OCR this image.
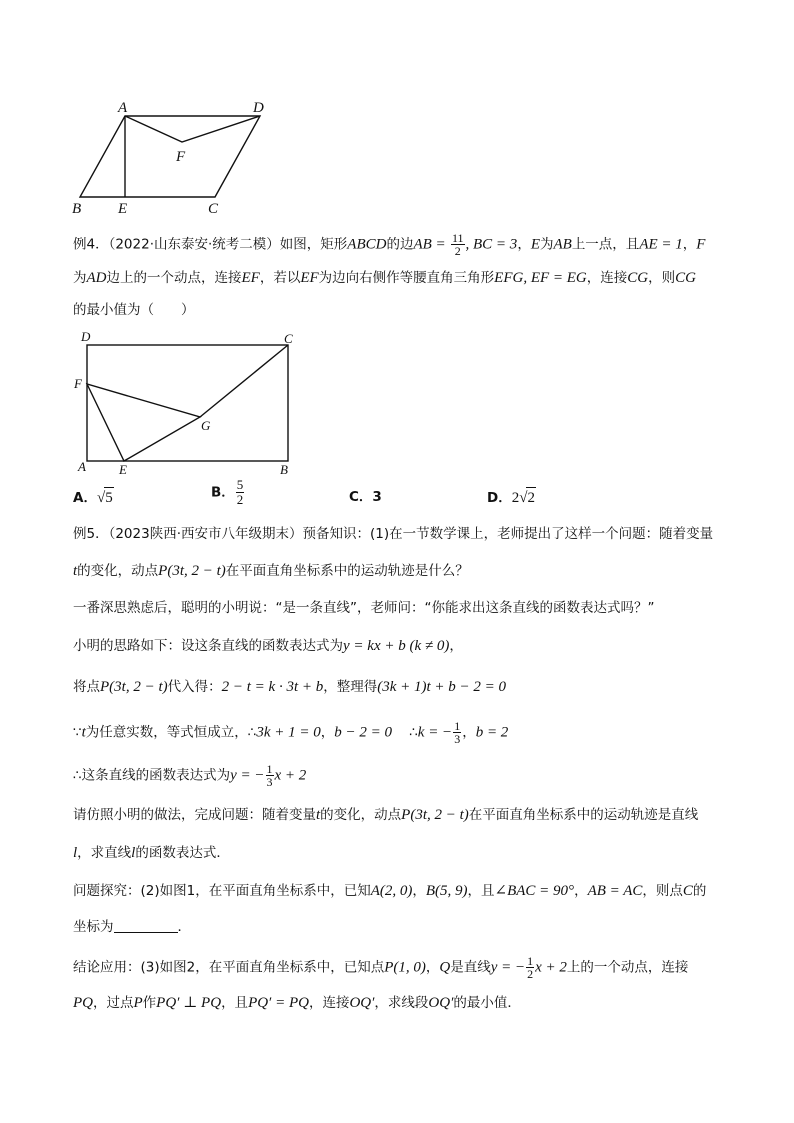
A	D
F
B E	C
例4．（2022·山东泰安·统考二模）如图，矩形ABCD的边AB = $\frac{11}{2}$ , BC = 3，E为AB上一点，且AE = 1，F
为AD边上的一个动点，连接EF，若以EF为边向右侧作等腰直角三角形EFG, EF = EG，连接CG，则CG
的最小值为（　　）
D	C
F
G
A	E	B
A．√5	B． $\frac{5}{2}$	C．3	D．2√2
例5．（2023陕西·西安市八年级期末）预备知识：(1)在一节数学课上，老师提出了这样一个问题：随着变量
t的变化，动点P(3t, 2 − t)在平面直角坐标系中的运动轨迹是什么？
一番深思熟虑后，聪明的小明说：“是一条直线”，老师问：“你能求出这条直线的函数表达式吗？”
小明的思路如下：设这条直线的函数表达式为y = kx + b (k ≠ 0)，
将点P(3t, 2 − t)代入得：2 − t = k · 3t + b，整理得(3k + 1)t + b − 2 = 0
∵t为任意实数，等式恒成立，∴3k + 1 = 0，b − 2 = 0 ∴k = − $\frac{1}{3}$ ，b = 2
∴这条直线的函数表达式为y = − $\frac{1}{3}$ x + 2
请仿照小明的做法，完成问题：随着变量t的变化，动点P(3t, 2 − t)在平面直角坐标系中的运动轨迹是直线
l，求直线l的函数表达式．
问题探究：(2)如图1，在平面直角坐标系中，已知A(2, 0)，B(5, 9)，且∠BAC = 90°，AB = AC，则点C的
坐标为	．
结论应用：(3)如图2，在平面直角坐标系中，已知点P(1, 0)，Q是直线y = − $\frac{1}{2}$ x + 2上的一个动点，连接
PQ，过点P作PQ′ ⊥ PQ，且PQ′ = PQ，连接OQ′，求线段OQ′的最小值．
